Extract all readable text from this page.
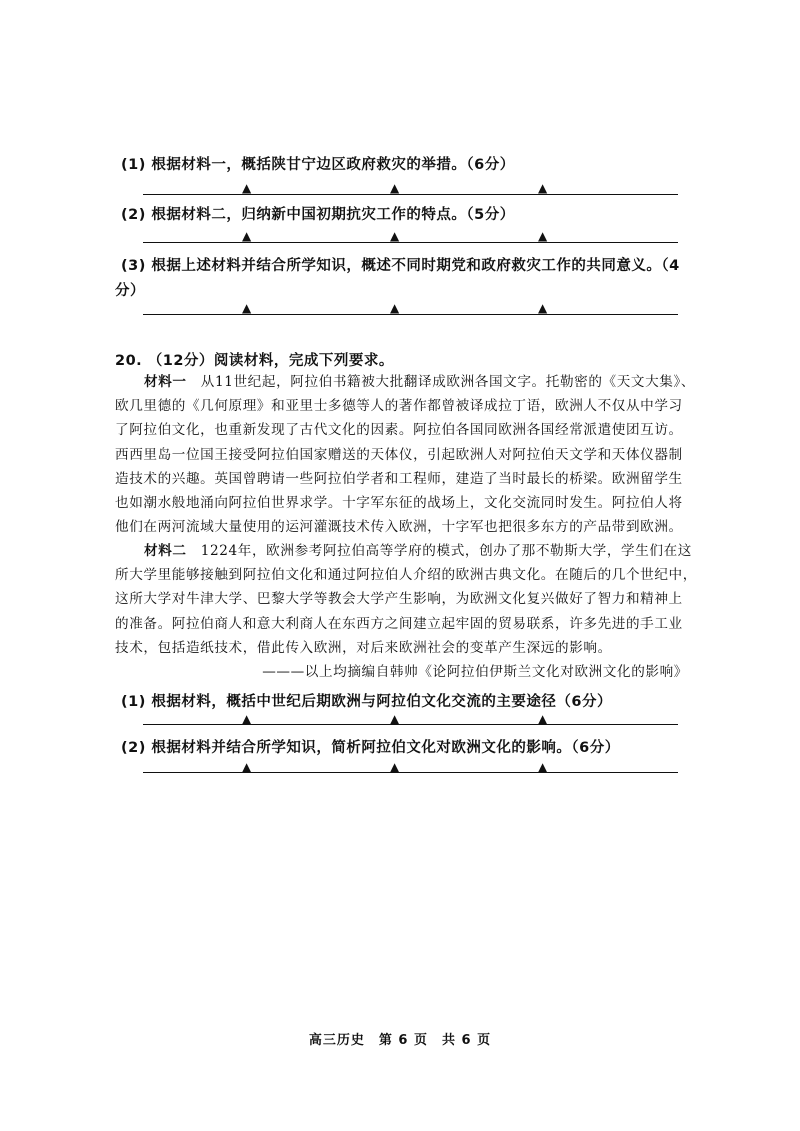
(1) 根据材料一，概括陕甘宁边区政府救灾的举措。（6分）
▲	▲	▲
(2) 根据材料二，归纳新中国初期抗灾工作的特点。（5分）
▲	▲	▲
(3) 根据上述材料并结合所学知识，概述不同时期党和政府救灾工作的共同意义。（4
分）
▲	▲	▲
20. （12分）阅读材料，完成下列要求。
材料一　 从11世纪起，阿拉伯书籍被大批翻译成欧洲各国文字。托勒密的《天文大集》、
欧几里德的《几何原理》和亚里士多德等人的著作都曾被译成拉丁语，欧洲人不仅从中学习
了阿拉伯文化，也重新发现了古代文化的因素。阿拉伯各国同欧洲各国经常派遣使团互访。
西西里岛一位国王接受阿拉伯国家赠送的天体仪，引起欧洲人对阿拉伯天文学和天体仪器制
造技术的兴趣。英国曾聘请一些阿拉伯学者和工程师，建造了当时最长的桥梁。欧洲留学生
也如潮水般地涌向阿拉伯世界求学。十字军东征的战场上，文化交流同时发生。阿拉伯人将
他们在两河流域大量使用的运河灌溉技术传入欧洲，十字军也把很多东方的产品带到欧洲。
材料二　 1224年，欧洲参考阿拉伯高等学府的模式，创办了那不勒斯大学，学生们在这
所大学里能够接触到阿拉伯文化和通过阿拉伯人介绍的欧洲古典文化。在随后的几个世纪中，
这所大学对牛津大学、巴黎大学等教会大学产生影响，为欧洲文化复兴做好了智力和精神上
的准备。阿拉伯商人和意大利商人在东西方之间建立起牢固的贸易联系，许多先进的手工业
技术，包括造纸技术，借此传入欧洲，对后来欧洲社会的变革产生深远的影响。
———以上均摘编自韩帅《论阿拉伯伊斯兰文化对欧洲文化的影响》
(1) 根据材料，概括中世纪后期欧洲与阿拉伯文化交流的主要途径（6分）
▲	▲	▲
(2) 根据材料并结合所学知识，简析阿拉伯文化对欧洲文化的影响。（6分）
▲	▲	▲
高三历史　第 6 页　共 6 页
